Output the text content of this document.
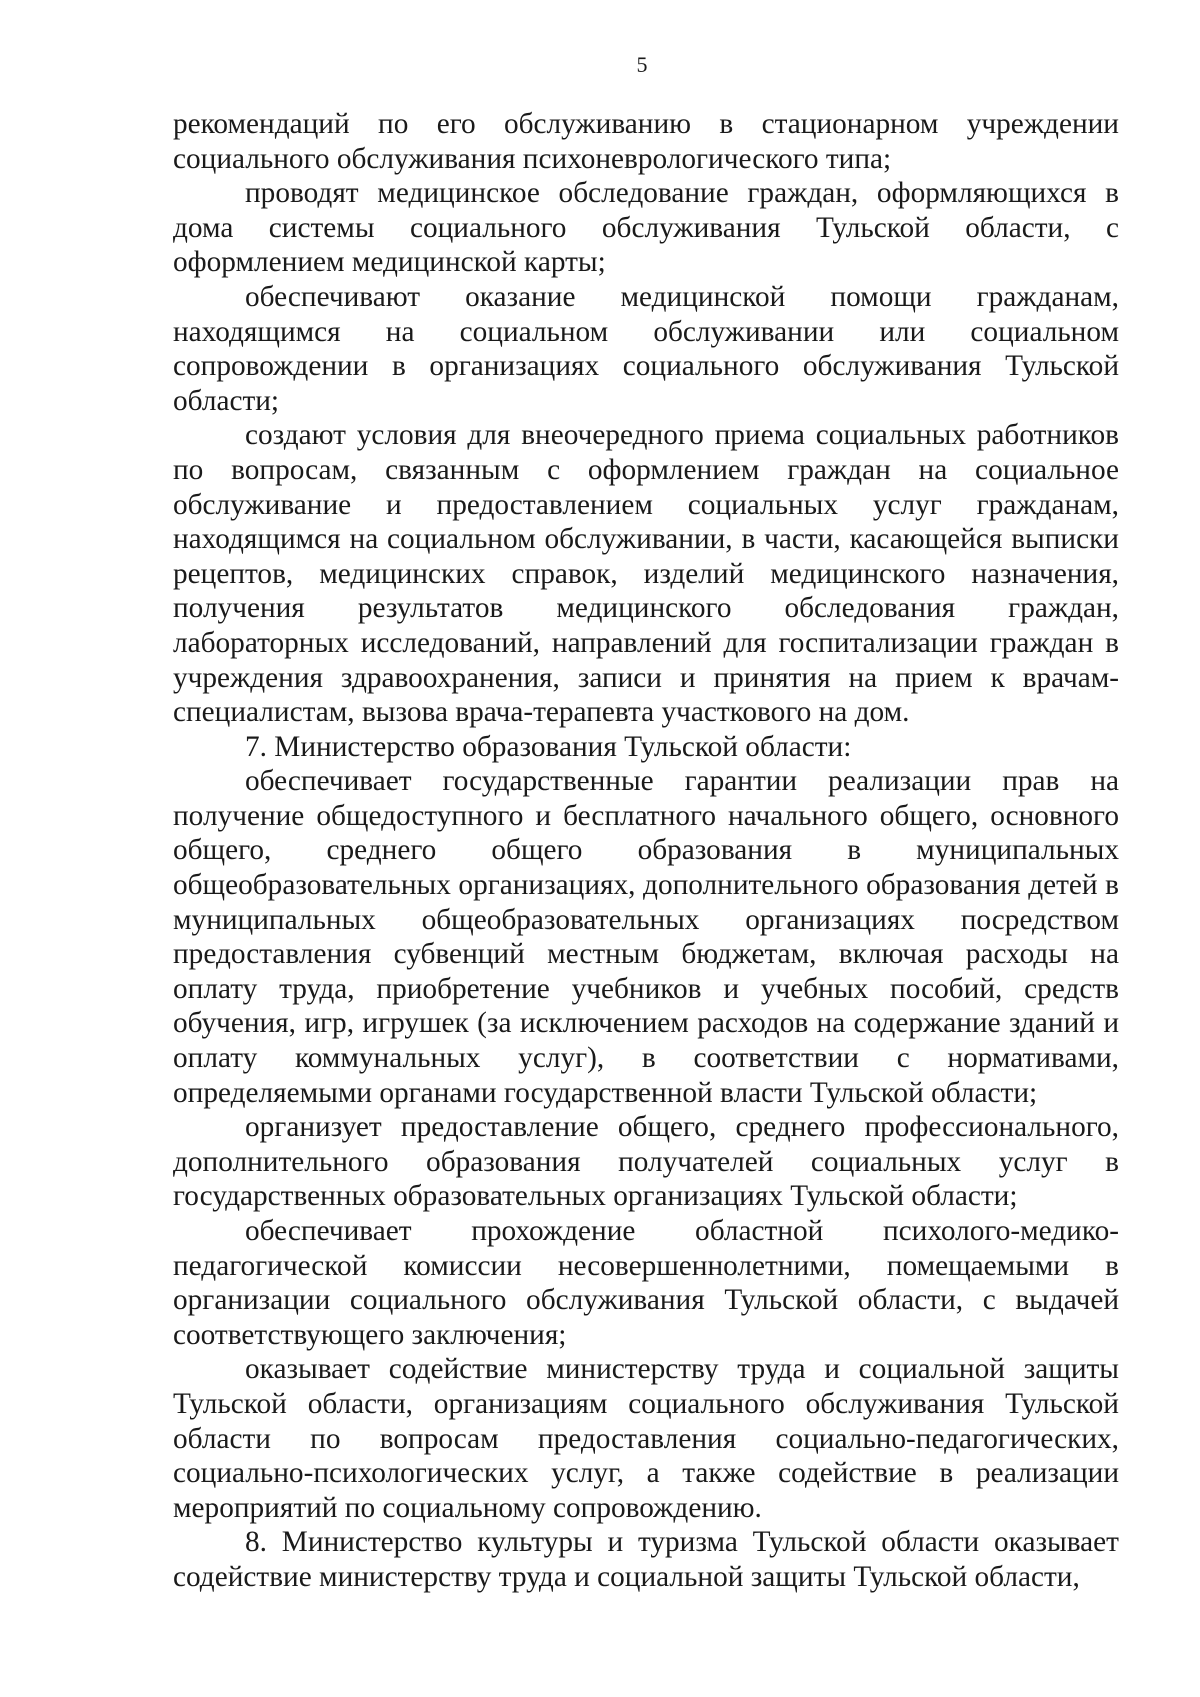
5

рекомендаций по его обслуживанию в стационарном учреждении социального обслуживания психоневрологического типа;

проводят медицинское обследование граждан, оформляющихся в дома системы социального обслуживания Тульской области, с оформлением медицинской карты;

обеспечивают оказание медицинской помощи гражданам, находящимся на социальном обслуживании или социальном сопровождении в организациях социального обслуживания Тульской области;

создают условия для внеочередного приема социальных работников по вопросам, связанным с оформлением граждан на социальное обслуживание и предоставлением социальных услуг гражданам, находящимся на социальном обслуживании, в части, касающейся выписки рецептов, медицинских справок, изделий медицинского назначения, получения результатов медицинского обследования граждан, лабораторных исследований, направлений для госпитализации граждан в учреждения здравоохранения, записи и принятия на прием к врачам-специалистам, вызова врача-терапевта участкового на дом.

7. Министерство образования Тульской области:

обеспечивает государственные гарантии реализации прав на получение общедоступного и бесплатного начального общего, основного общего, среднего общего образования в муниципальных общеобразовательных организациях, дополнительного образования детей в муниципальных общеобразовательных организациях посредством предоставления субвенций местным бюджетам, включая расходы на оплату труда, приобретение учебников и учебных пособий, средств обучения, игр, игрушек (за исключением расходов на содержание зданий и оплату коммунальных услуг), в соответствии с нормативами, определяемыми органами государственной власти Тульской области;

организует предоставление общего, среднего профессионального, дополнительного образования получателей социальных услуг в государственных образовательных организациях Тульской области;

обеспечивает прохождение областной психолого-медико-педагогической комиссии несовершеннолетними, помещаемыми в организации социального обслуживания Тульской области, с выдачей соответствующего заключения;

оказывает содействие министерству труда и социальной защиты Тульской области, организациям социального обслуживания Тульской области по вопросам предоставления социально-педагогических, социально-психологических услуг, а также содействие в реализации мероприятий по социальному сопровождению.

8. Министерство культуры и туризма Тульской области оказывает содействие министерству труда и социальной защиты Тульской области,
